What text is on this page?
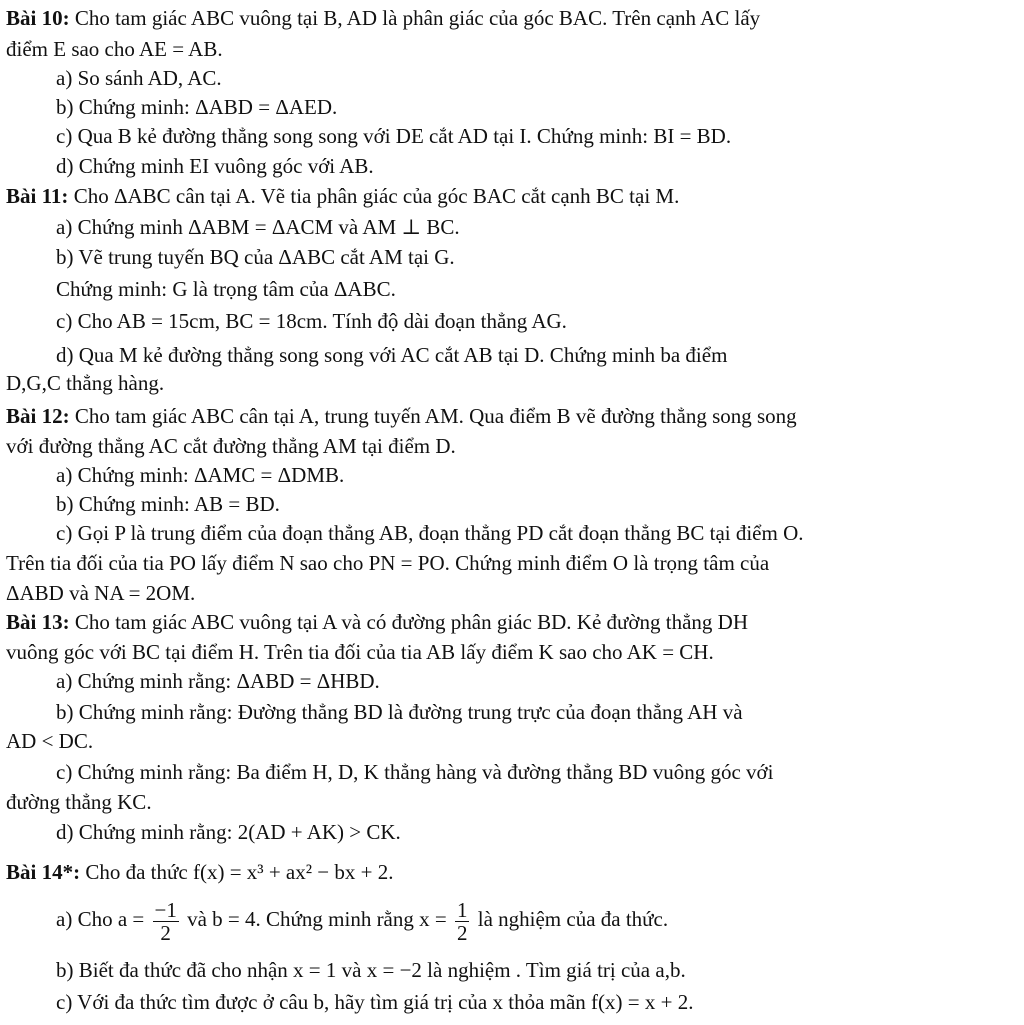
Bài 10: Cho tam giác ABC vuông tại B, AD là phân giác của góc BAC. Trên cạnh AC lấy
điểm E sao cho AE = AB.
a) So sánh AD, AC.
b) Chứng minh: ΔABD = ΔAED.
c) Qua B kẻ đường thẳng song song với DE cắt AD tại I. Chứng minh: BI = BD.
d) Chứng minh EI vuông góc với AB.
Bài 11: Cho ΔABC cân tại A. Vẽ tia phân giác của góc BAC cắt cạnh BC tại M.
a) Chứng minh ΔABM = ΔACM và AM ⊥ BC.
b) Vẽ trung tuyến BQ của ΔABC cắt AM tại G.
Chứng minh: G là trọng tâm của ΔABC.
c) Cho AB = 15cm, BC = 18cm. Tính độ dài đoạn thẳng AG.
d) Qua M kẻ đường thẳng song song với AC cắt AB tại D. Chứng minh ba điểm
D,G,C thẳng hàng.
Bài 12: Cho tam giác ABC cân tại A, trung tuyến AM. Qua điểm B vẽ đường thẳng song song
với đường thẳng AC cắt đường thẳng AM tại điểm D.
a) Chứng minh: ΔAMC = ΔDMB.
b) Chứng minh: AB = BD.
c) Gọi P là trung điểm của đoạn thẳng AB, đoạn thẳng PD cắt đoạn thẳng BC tại điểm O.
Trên tia đối của tia PO lấy điểm N sao cho PN = PO. Chứng minh điểm O là trọng tâm của
ΔABD và NA = 2OM.
Bài 13: Cho tam giác ABC vuông tại A và có đường phân giác BD. Kẻ đường thẳng DH
vuông góc với BC tại điểm H. Trên tia đối của tia AB lấy điểm K sao cho AK = CH.
a) Chứng minh rằng: ΔABD = ΔHBD.
b) Chứng minh rằng: Đường thẳng BD là đường trung trực của đoạn thẳng AH và
AD < DC.
c) Chứng minh rằng: Ba điểm H, D, K thẳng hàng và đường thẳng BD vuông góc với
đường thẳng KC.
d) Chứng minh rằng: 2(AD + AK) > CK.
Bài 14*: Cho đa thức f(x) = x³ + ax² − bx + 2.
a) Cho $a = \frac{-1}{2}$ và b = 4. Chứng minh rằng $x = \frac{1}{2}$ là nghiệm của đa thức.
b) Biết đa thức đã cho nhận x = 1 và x = −2 là nghiệm . Tìm giá trị của a,b.
c) Với đa thức tìm được ở câu b, hãy tìm giá trị của x thỏa mãn f(x) = x + 2.
